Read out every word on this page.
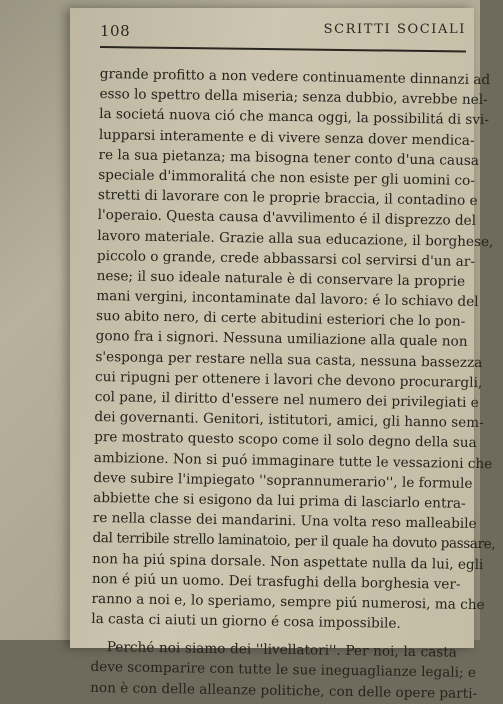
108	SCRITTI SOCIALI
grande profitto a non vedere continuamente dinnanzi ad
esso lo spettro della miseria; senza dubbio, avrebbe nel-
la societá nuova ció che manca oggi, la possibilitá di svi-
lupparsi interamente e di vivere senza dover mendica-
re la sua pietanza; ma bisogna tener conto d'una causa
speciale d'immoralitá che non esiste per gli uomini co-
stretti di lavorare con le proprie braccia, il contadino e
l'operaio. Questa causa d'avvilimento é il disprezzo del
lavoro materiale. Grazie alla sua educazione, il borghese,
piccolo o grande, crede abbassarsi col servirsi d'un ar-
nese; il suo ideale naturale è di conservare la proprie
mani vergini, incontaminate dal lavoro: é lo schiavo del
suo abito nero, di certe abitudini esteriori che lo pon-
gono fra i signori. Nessuna umiliazione alla quale non
s'esponga per restare nella sua casta, nessuna bassezza
cui ripugni per ottenere i lavori che devono procurargli,
col pane, il diritto d'essere nel numero dei privilegiati e
dei governanti. Genitori, istitutori, amici, gli hanno sem-
pre mostrato questo scopo come il solo degno della sua
ambizione. Non si puó immaginare tutte le vessazioni che
deve subire l'impiegato ''soprannumerario'', le formule
abbiette che si esigono da lui prima di lasciarlo entra-
re nella classe dei mandarini. Una volta reso malleabile
dal terribile strello laminatoio, per il quale ha dovuto passare,
non ha piú spina dorsale. Non aspettate nulla da lui, egli
non é piú un uomo. Dei trasfughi della borghesia ver-
ranno a noi e, lo speriamo, sempre piú numerosi, ma che
la casta ci aiuti un giorno é cosa impossibile.
Perché noi siamo dei ''livellatori''. Per noi, la casta
deve scomparire con tutte le sue ineguaglianze legali; e
non è con delle alleanze politiche, con delle opere parti-
